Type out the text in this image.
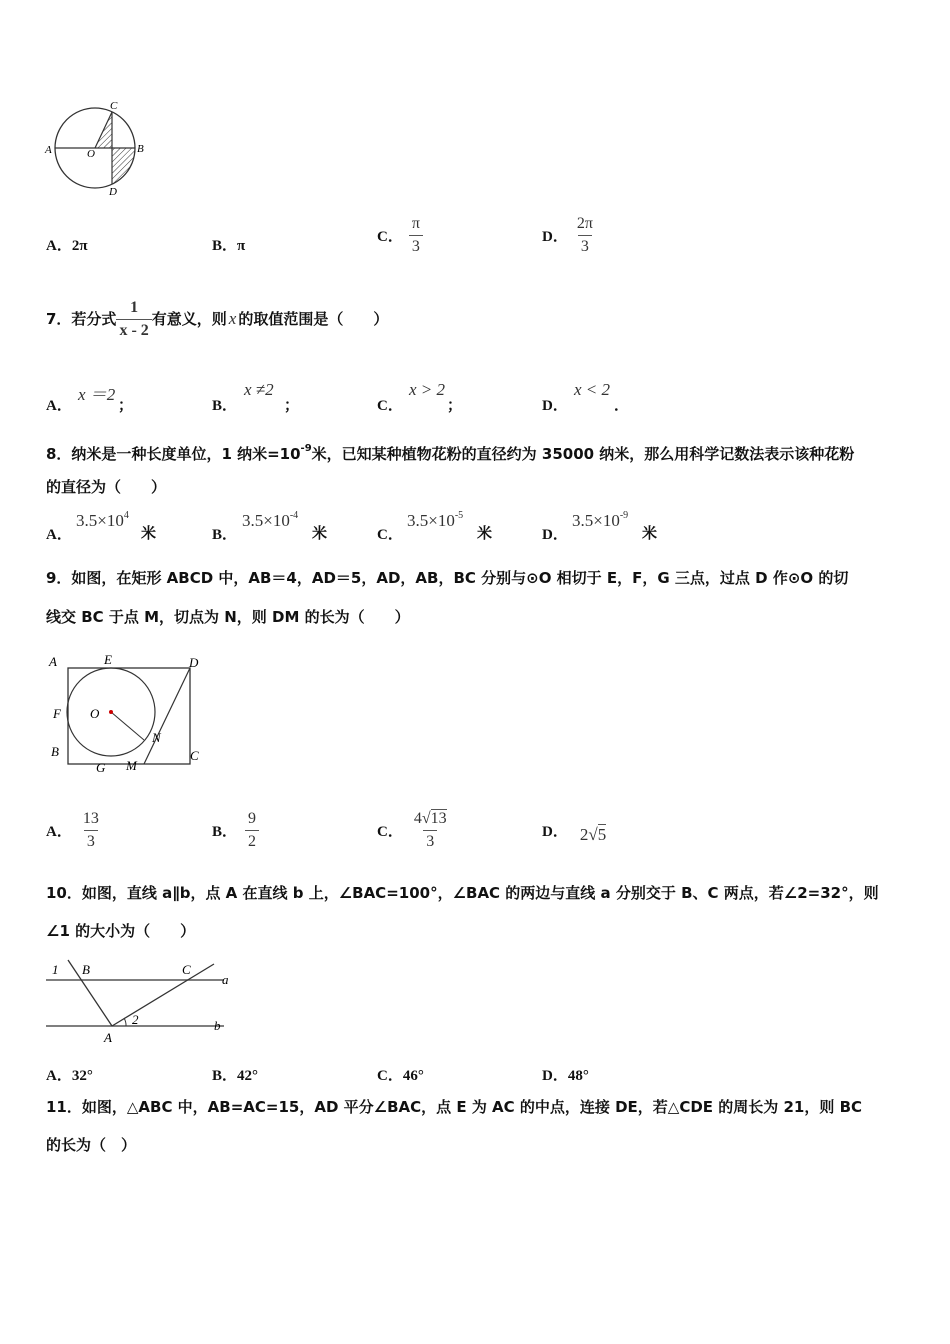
A	B
C
D
O
A．2π	B．π
C． $\frac{\pi}{3}$	D． $\frac{2\pi}{3}$
7．若分式 $\frac{1}{x - 2}$ 有意义，则 x 的取值范围是（　　）
A．
x ＝2
；	B．
x ≠2
；	C．
x > 2
；	D．
x < 2
．
8．纳米是一种长度单位，1 纳米$=10^{-9}$米，已知某种植物花粉的直径约为 35000 纳米，那么用科学记数法表示该种花粉
的直径为（　　）
A．
$3.5\times 10^4$
米	B．
$3.5\times 10^{-4}$
米	C．
$3.5\times 10^{-5}$
米	D．
$3.5\times 10^{-9}$
米
9．如图，在矩形 ABCD 中，AB＝4，AD＝5，AD，AB，BC 分别与⊙O 相切于 E，F，G 三点，过点 D 作⊙O 的切
线交 BC 于点 M，切点为 N，则 DM 的长为（　　）
A	E	D
F O
N
B
G M
C
A． $\frac{13}{3}$	B． $\frac{9}{2}$	C． $\frac{4√13}{3}$	D． 2√5
10．如图，直线 a∥b，点 A 在直线 b 上，∠BAC=100°，∠BAC 的两边与直线 a 分别交于 B、C 两点，若∠2=32°，则
∠1 的大小为（　　）
1 B	C
a
2	b
A
A．32°	B．42°	C．46°	D．48°
11．如图，△ABC 中，AB=AC=15，AD 平分∠BAC，点 E 为 AC 的中点，连接 DE，若△CDE 的周长为 21，则 BC
的长为（　）
